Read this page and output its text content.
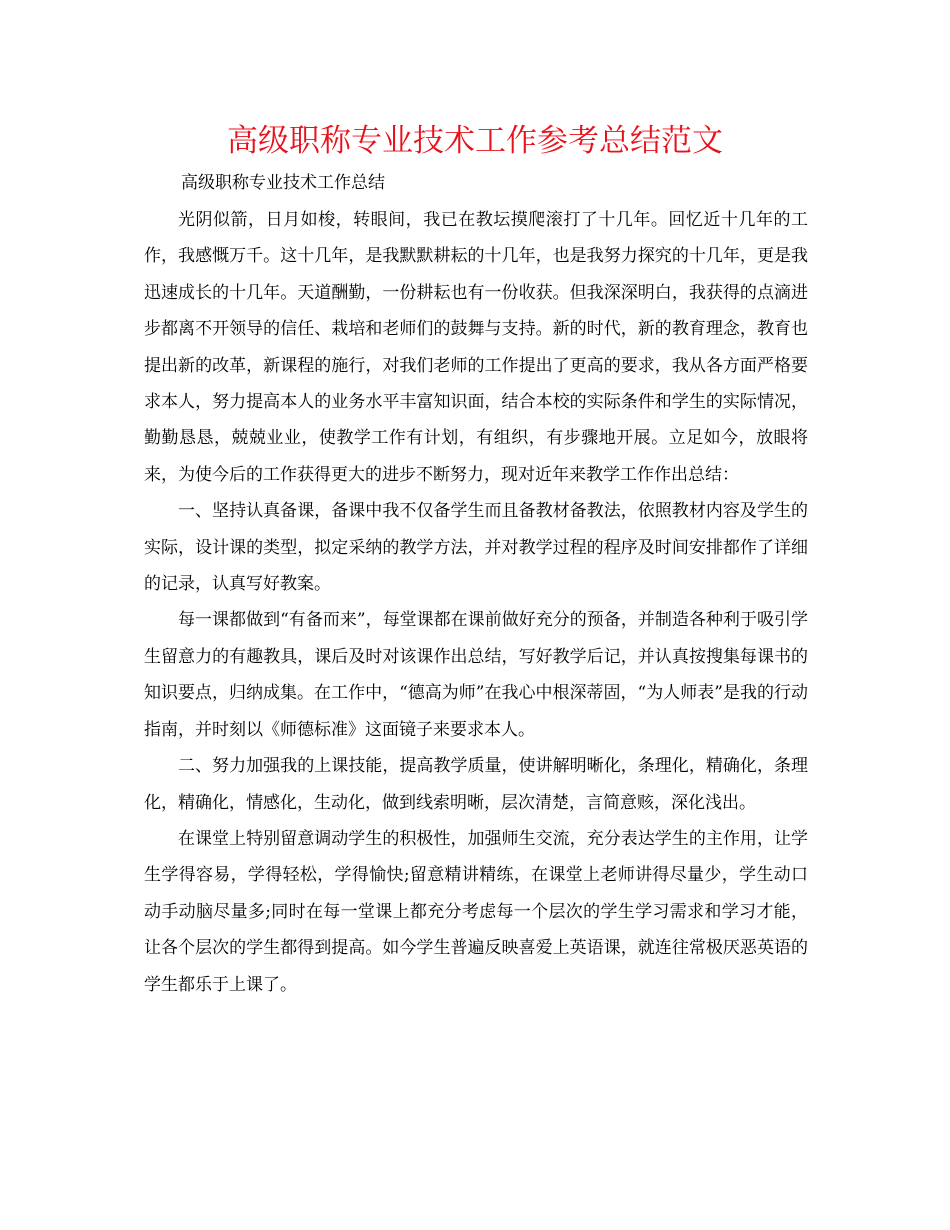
高级职称专业技术工作参考总结范文

高级职称专业技术工作总结

光阴似箭，日月如梭，转眼间，我已在教坛摸爬滚打了十几年。回忆近十几年的工作，我感慨万千。这十几年，是我默默耕耘的十几年，也是我努力探究的十几年，更是我迅速成长的十几年。天道酬勤，一份耕耘也有一份收获。但我深深明白，我获得的点滴进步都离不开领导的信任、栽培和老师们的鼓舞与支持。新的时代，新的教育理念，教育也提出新的改革，新课程的施行，对我们老师的工作提出了更高的要求，我从各方面严格要求本人，努力提高本人的业务水平丰富知识面，结合本校的实际条件和学生的实际情况，勤勤恳恳，兢兢业业，使教学工作有计划，有组织，有步骤地开展。立足如今，放眼将来，为使今后的工作获得更大的进步不断努力，现对近年来教学工作作出总结：

一、坚持认真备课，备课中我不仅备学生而且备教材备教法，依照教材内容及学生的实际，设计课的类型，拟定采纳的教学方法，并对教学过程的程序及时间安排都作了详细的记录，认真写好教案。

每一课都做到“有备而来”，每堂课都在课前做好充分的预备，并制造各种利于吸引学生留意力的有趣教具，课后及时对该课作出总结，写好教学后记，并认真按搜集每课书的知识要点，归纳成集。在工作中，“德高为师”在我心中根深蒂固，“为人师表”是我的行动指南，并时刻以《师德标准》这面镜子来要求本人。

二、努力加强我的上课技能，提高教学质量，使讲解明晰化，条理化，精确化，条理化，精确化，情感化，生动化，做到线索明晰，层次清楚，言简意赅，深化浅出。

在课堂上特别留意调动学生的积极性，加强师生交流，充分表达学生的主作用，让学生学得容易，学得轻松，学得愉快;留意精讲精练，在课堂上老师讲得尽量少，学生动口动手动脑尽量多;同时在每一堂课上都充分考虑每一个层次的学生学习需求和学习才能，让各个层次的学生都得到提高。如今学生普遍反映喜爱上英语课，就连往常极厌恶英语的学生都乐于上课了。
